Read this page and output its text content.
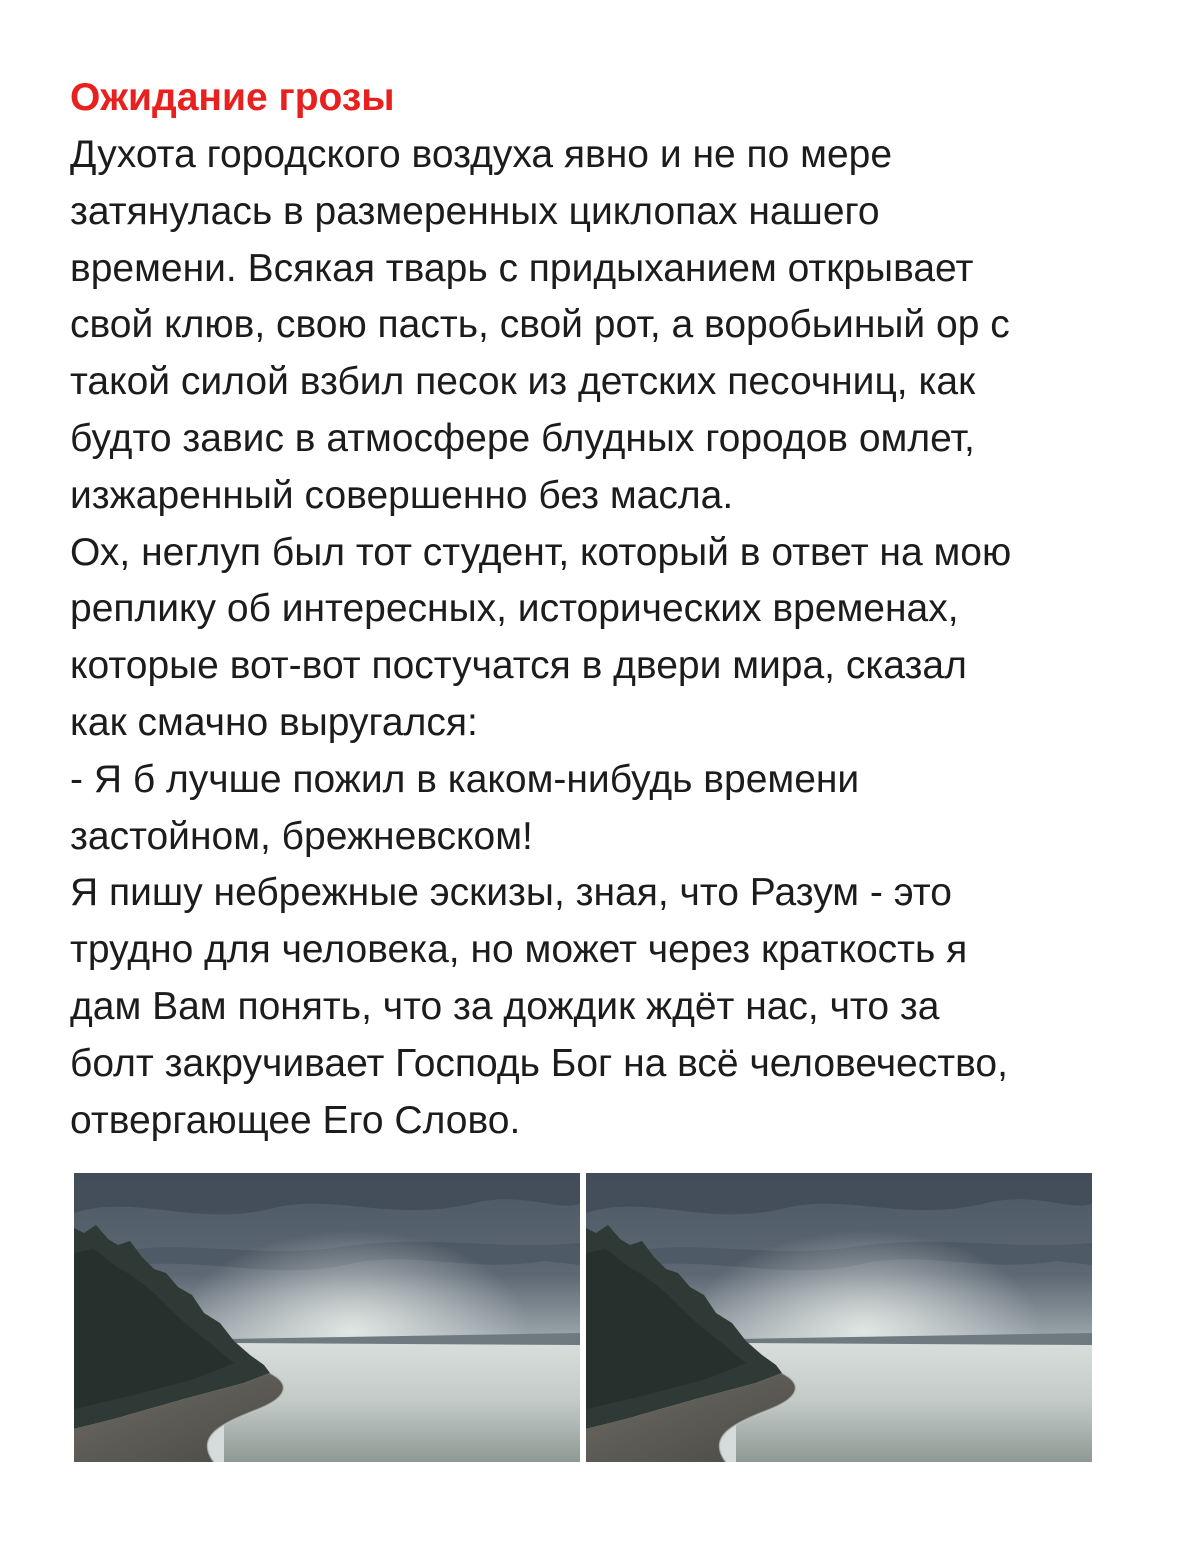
Ожидание грозы
Духота городского воздуха явно и не по мере
затянулась в размеренных циклопах нашего
времени. Всякая тварь с придыханием открывает
свой клюв, свою пасть, свой рот, а воробьиный ор с
такой силой взбил песок из детских песочниц, как
будто завис в атмосфере блудных городов омлет,
изжаренный совершенно без масла.
Ох, неглуп был тот студент, который в ответ на мою
реплику об интересных, исторических временах,
которые вот-вот постучатся в двери мира, сказал
как смачно выругался:
- Я б лучше пожил в каком-нибудь времени
застойном, брежневском!
Я пишу небрежные эскизы, зная, что Разум - это
трудно для человека, но может через краткость я
дам Вам понять, что за дождик ждёт нас, что за
болт закручивает Господь Бог на всё человечество,
отвергающее Его Слово.
